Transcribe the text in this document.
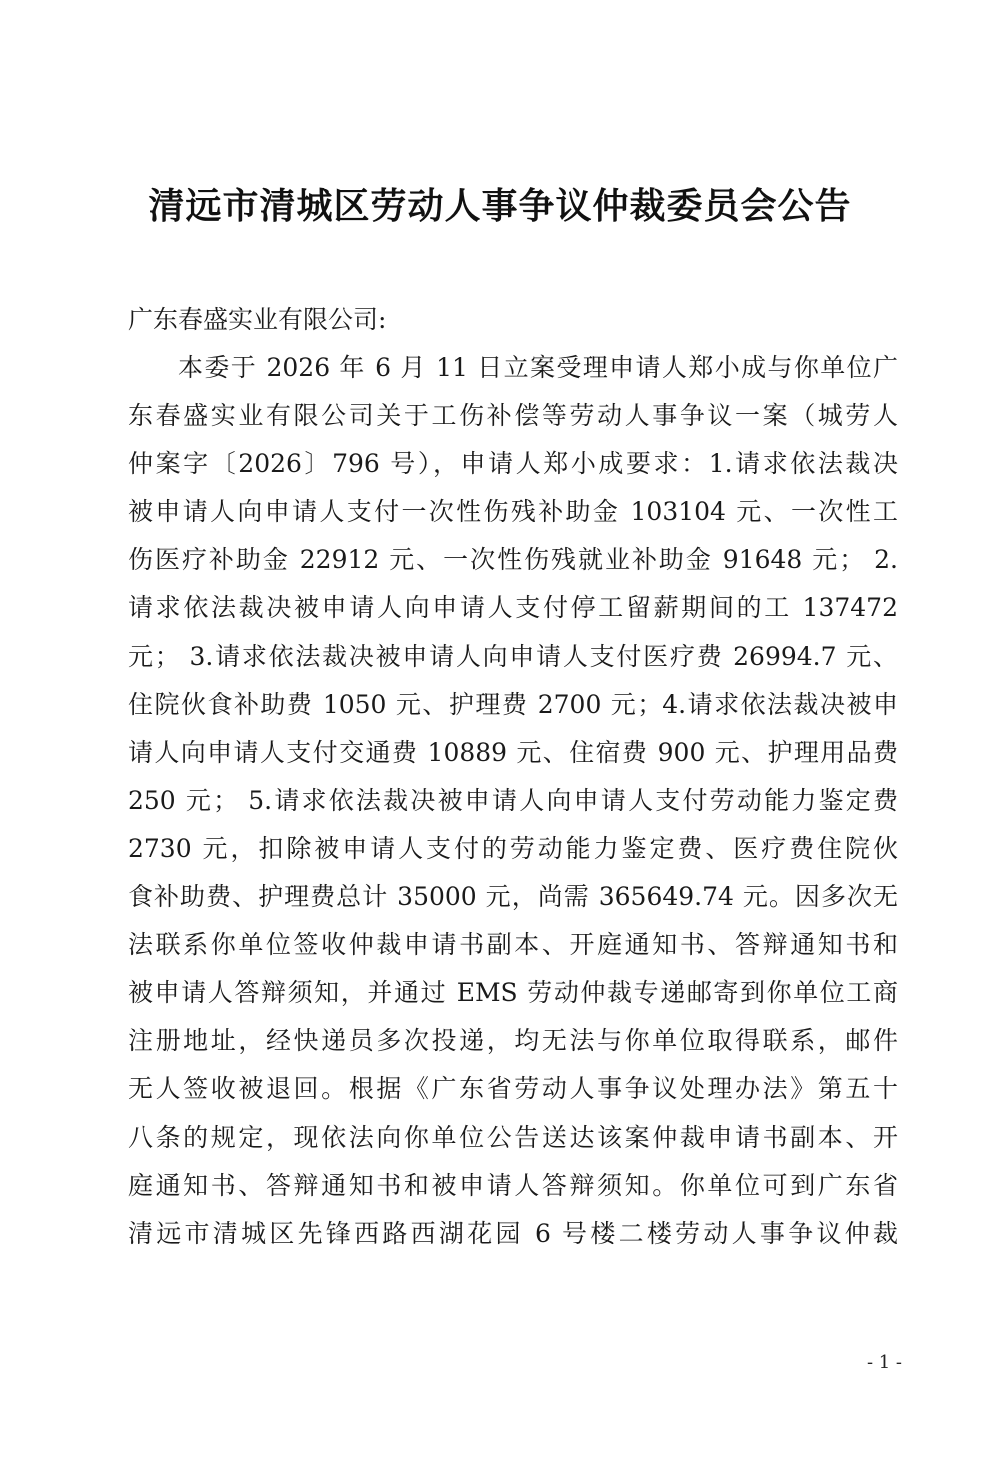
清远市清城区劳动人事争议仲裁委员会公告
广东春盛实业有限公司:
本委于 2026 年 6 月 11 日立案受理申请人郑小成与你单位广
东春盛实业有限公司关于工伤补偿等劳动人事争议一案（城劳人
仲案字〔2026〕796 号），申请人郑小成要求：1.请求依法裁决
被申请人向申请人支付一次性伤残补助金 103104 元、一次性工
伤医疗补助金 22912 元、一次性伤残就业补助金 91648 元； 2.
请求依法裁决被申请人向申请人支付停工留薪期间的工 137472
元； 3.请求依法裁决被申请人向申请人支付医疗费 26994.7 元、
住院伙食补助费 1050 元、护理费 2700 元；4.请求依法裁决被申
请人向申请人支付交通费 10889 元、住宿费 900 元、护理用品费
250 元； 5.请求依法裁决被申请人向申请人支付劳动能力鉴定费
2730 元，扣除被申请人支付的劳动能力鉴定费、医疗费住院伙
食补助费、护理费总计 35000 元，尚需 365649.74 元。因多次无
法联系你单位签收仲裁申请书副本、开庭通知书、答辩通知书和
被申请人答辩须知，并通过 EMS 劳动仲裁专递邮寄到你单位工商
注册地址，经快递员多次投递，均无法与你单位取得联系，邮件
无人签收被退回。根据《广东省劳动人事争议处理办法》第五十
八条的规定，现依法向你单位公告送达该案仲裁申请书副本、开
庭通知书、答辩通知书和被申请人答辩须知。你单位可到广东省
清远市清城区先锋西路西湖花园 6 号楼二楼劳动人事争议仲裁
- 1 -
